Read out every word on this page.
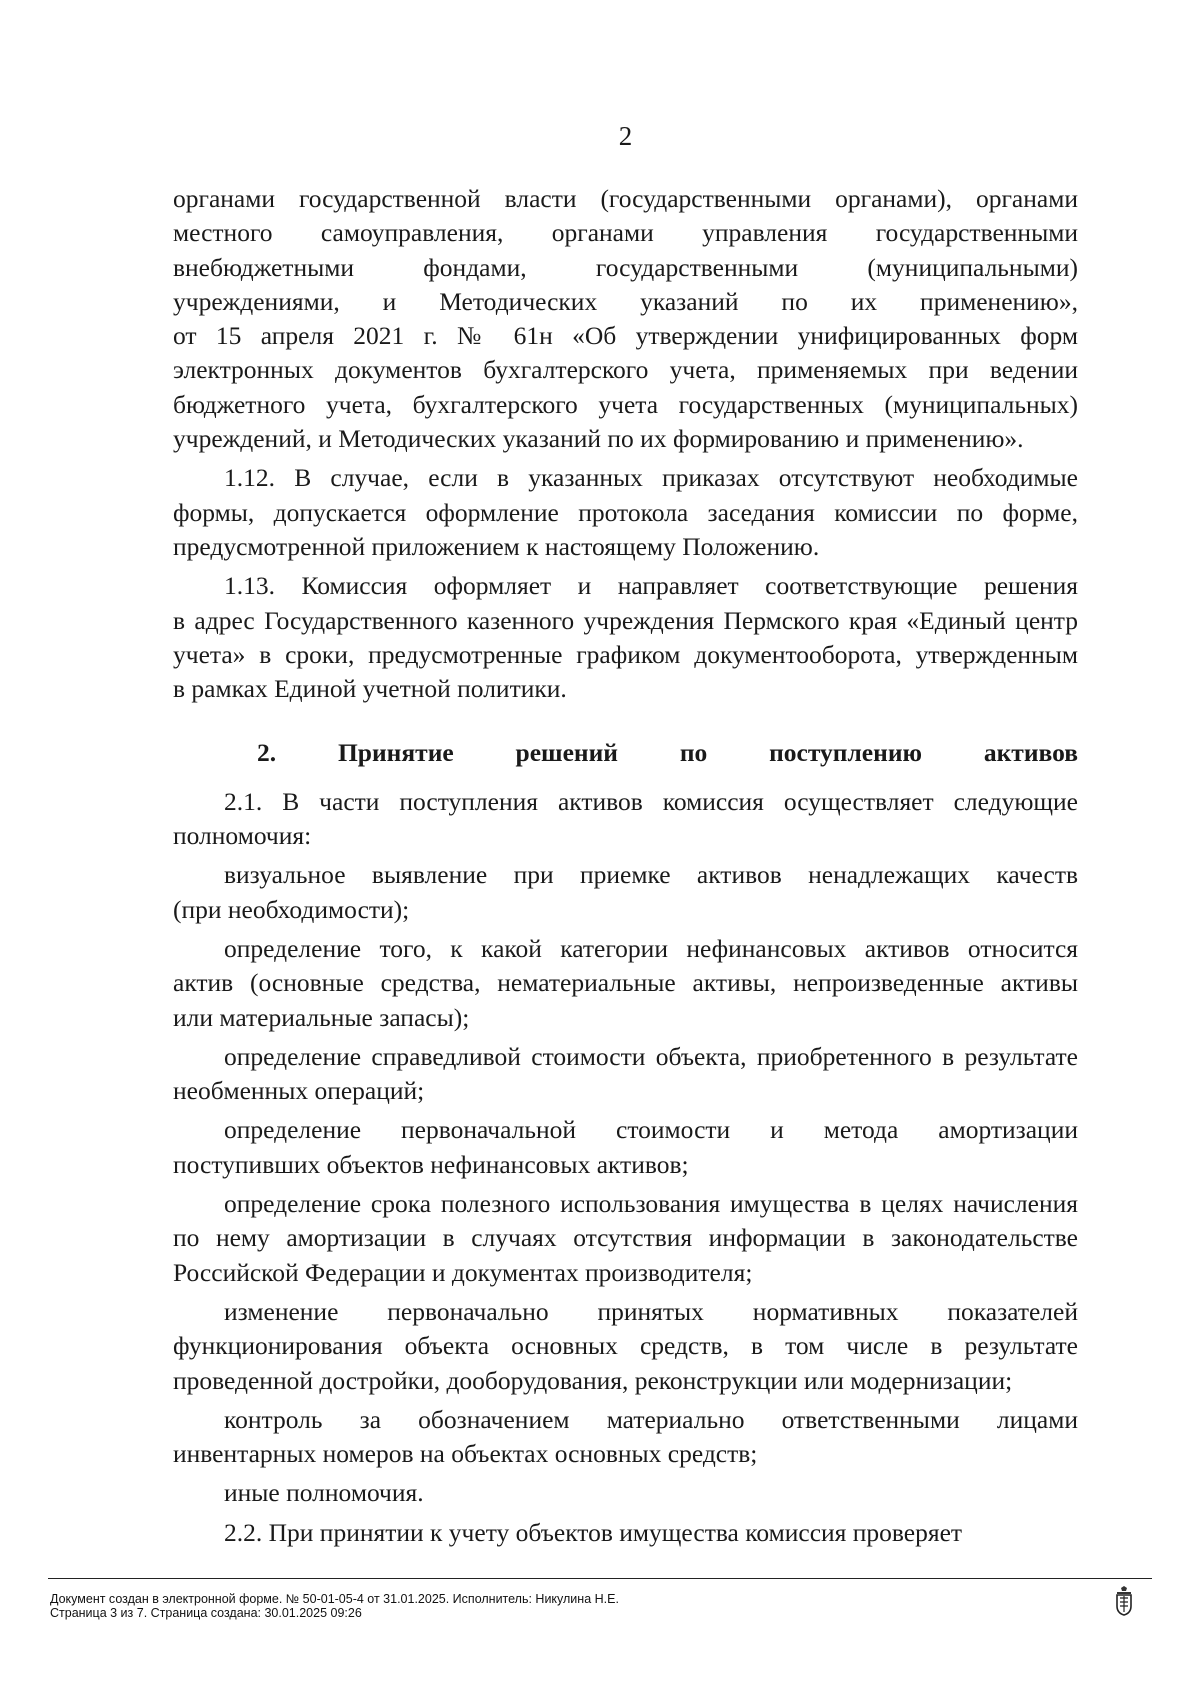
2

органами государственной власти (государственными органами), органами

местного самоуправления, органами управления государственными

внебюджетными фондами, государственными (муниципальными)

учреждениями, и Методических указаний по их применению»,

от 15 апреля 2021 г. № 61н «Об утверждении унифицированных форм

электронных документов бухгалтерского учета, применяемых при ведении

бюджетного учета, бухгалтерского учета государственных (муниципальных)

учреждений, и Методических указаний по их формированию и применению».

1.12. В случае, если в указанных приказах отсутствуют необходимые

формы, допускается оформление протокола заседания комиссии по форме,

предусмотренной приложением к настоящему Положению.

1.13. Комиссия оформляет и направляет соответствующие решения

в адрес Государственного казенного учреждения Пермского края «Единый центр

учета» в сроки, предусмотренные графиком документооборота, утвержденным

в рамках Единой учетной политики.

2. Принятие решений по поступлению активов

2.1. В части поступления активов комиссия осуществляет следующие

полномочия:

визуальное выявление при приемке активов ненадлежащих качеств

(при необходимости);

определение того, к какой категории нефинансовых активов относится

актив (основные средства, нематериальные активы, непроизведенные активы

или материальные запасы);

определение справедливой стоимости объекта, приобретенного в результате

необменных операций;

определение первоначальной стоимости и метода амортизации

поступивших объектов нефинансовых активов;

определение срока полезного использования имущества в целях начисления

по нему амортизации в случаях отсутствия информации в законодательстве

Российской Федерации и документах производителя;

изменение первоначально принятых нормативных показателей

функционирования объекта основных средств, в том числе в результате

проведенной достройки, дооборудования, реконструкции или модернизации;

контроль за обозначением материально ответственными лицами

инвентарных номеров на объектах основных средств;

иные полномочия.

2.2. При принятии к учету объектов имущества комиссия проверяет

Документ создан в электронной форме. № 50-01-05-4 от 31.01.2025. Исполнитель: Никулина Н.Е.
Страница 3 из 7. Страница создана: 30.01.2025 09:26
